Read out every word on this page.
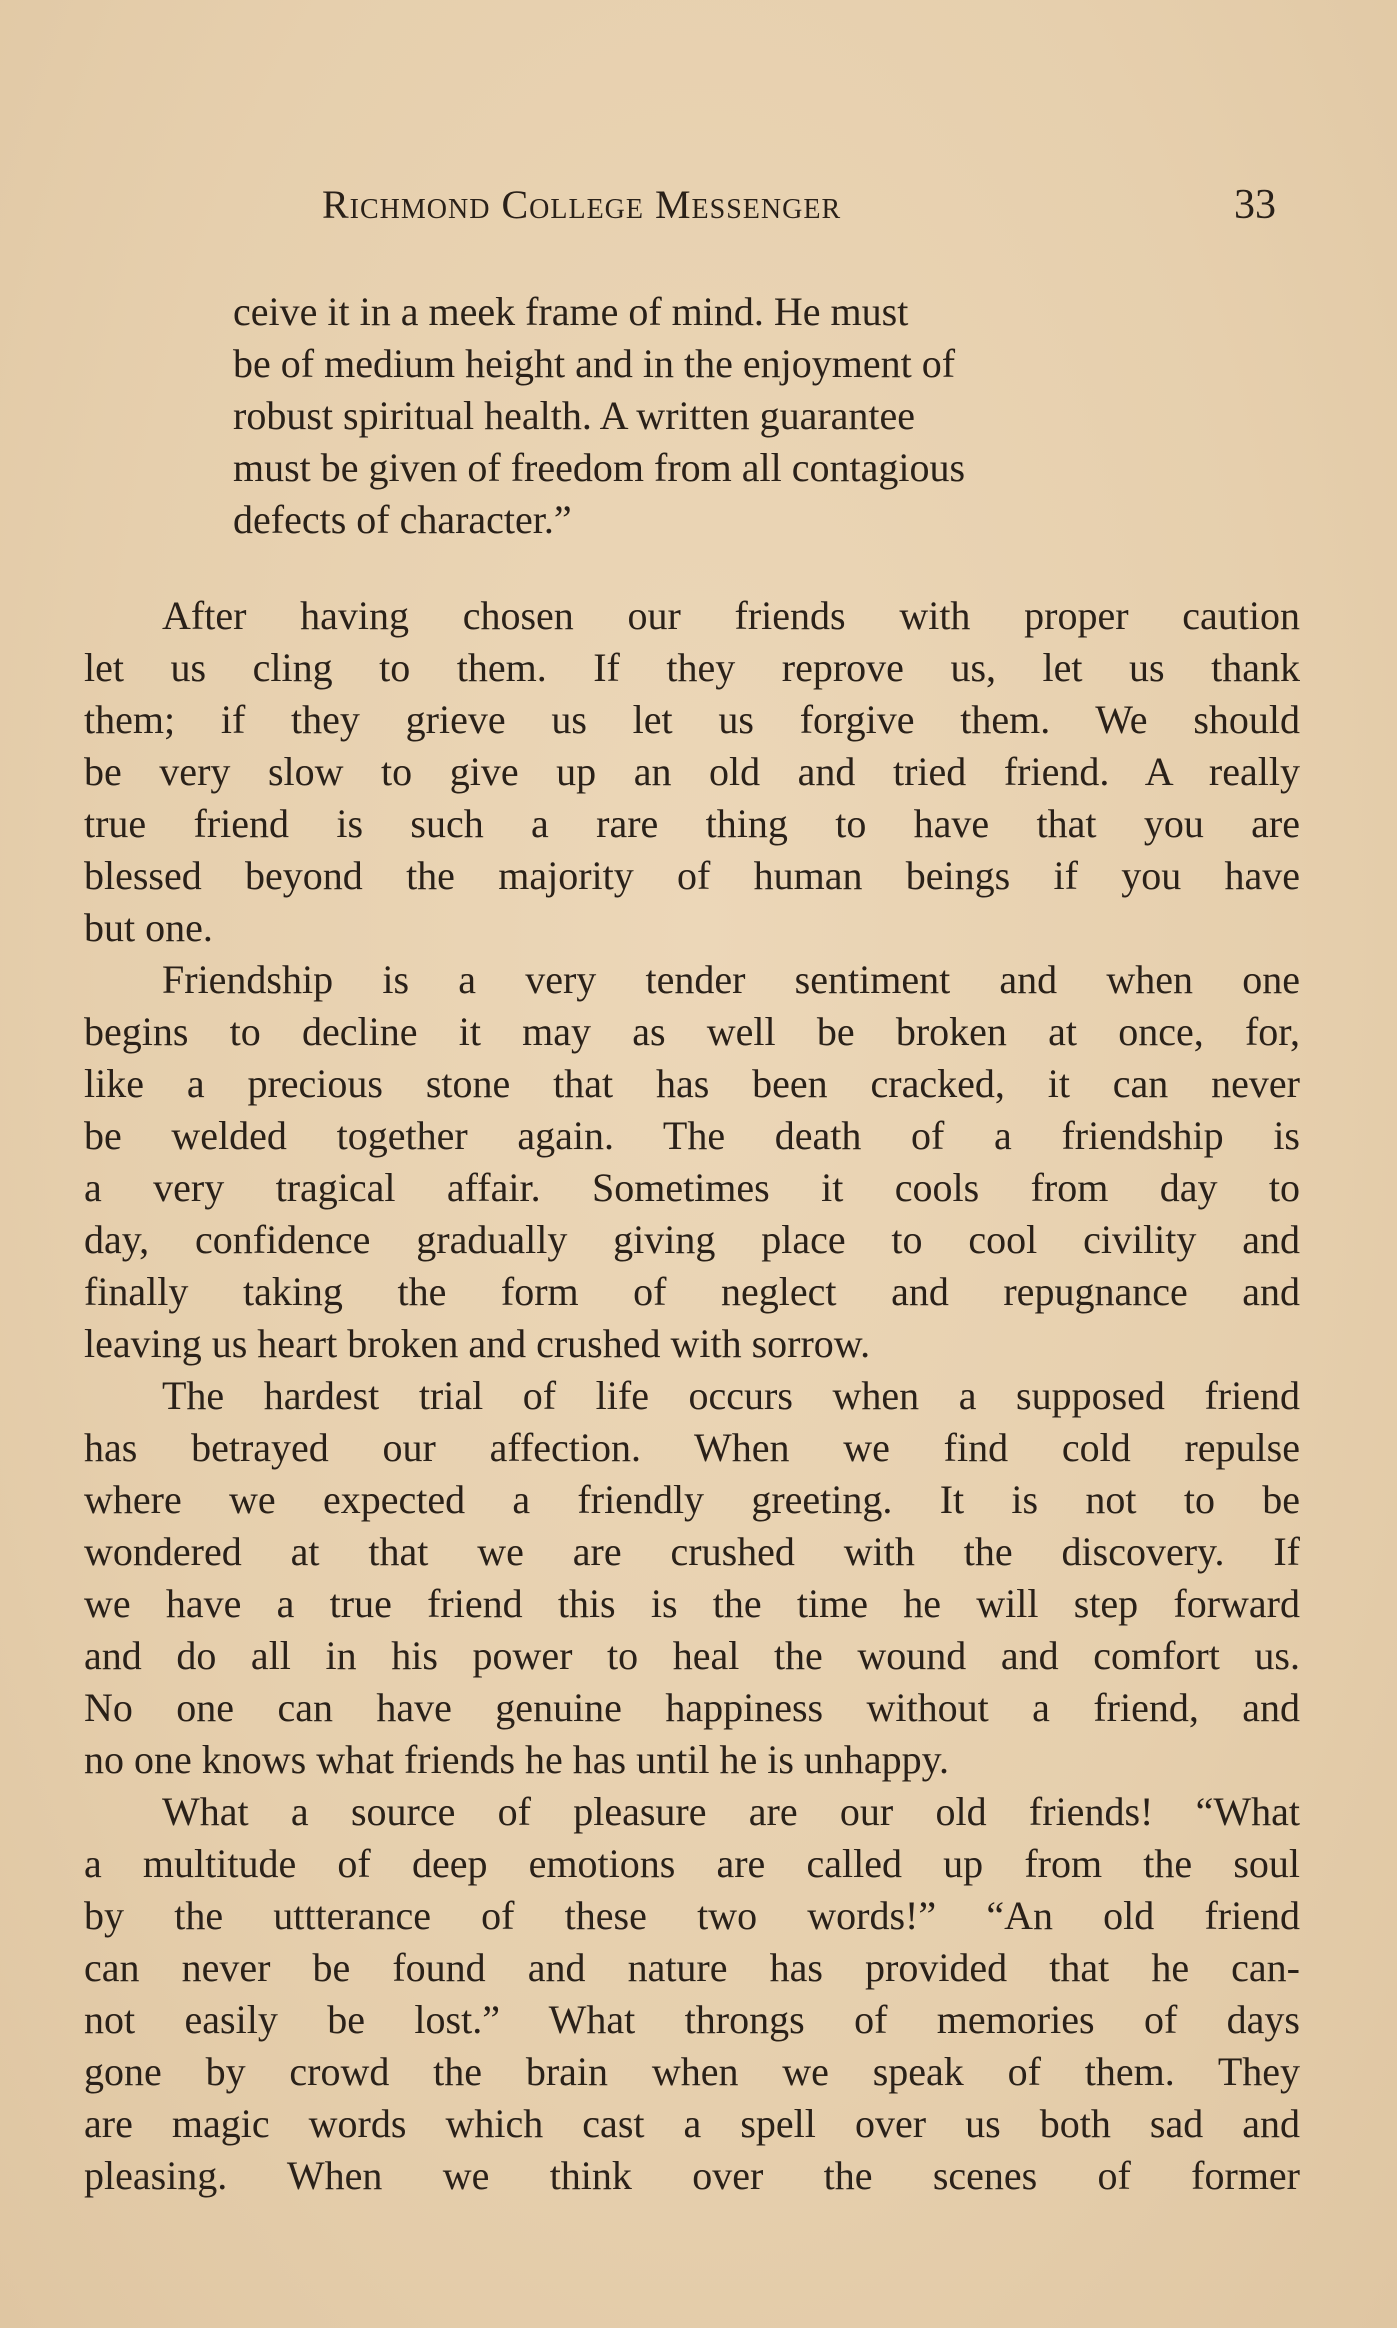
Richmond College Messenger	33
ceive it in a meek frame of mind. He must
be of medium height and in the enjoyment of
robust spiritual health. A written guarantee
must be given of freedom from all contagious
defects of character.”

After having chosen our friends with proper caution
let us cling to them. If they reprove us, let us thank
them; if they grieve us let us forgive them. We should
be very slow to give up an old and tried friend. A really
true friend is such a rare thing to have that you are
blessed beyond the majority of human beings if you have
but one.

Friendship is a very tender sentiment and when one
begins to decline it may as well be broken at once, for,
like a precious stone that has been cracked, it can never
be welded together again. The death of a friendship is
a very tragical affair. Sometimes it cools from day to
day, confidence gradually giving place to cool civility and
finally taking the form of neglect and repugnance and
leaving us heart broken and crushed with sorrow.

The hardest trial of life occurs when a supposed friend
has betrayed our affection. When we find cold repulse
where we expected a friendly greeting. It is not to be
wondered at that we are crushed with the discovery. If
we have a true friend this is the time he will step forward
and do all in his power to heal the wound and comfort us.
No one can have genuine happiness without a friend, and
no one knows what friends he has until he is unhappy.

What a source of pleasure are our old friends! “What
a multitude of deep emotions are called up from the soul
by the uttterance of these two words!” “An old friend
can never be found and nature has provided that he can-
not easily be lost.” What throngs of memories of days
gone by crowd the brain when we speak of them. They
are magic words which cast a spell over us both sad and
pleasing. When we think over the scenes of former
